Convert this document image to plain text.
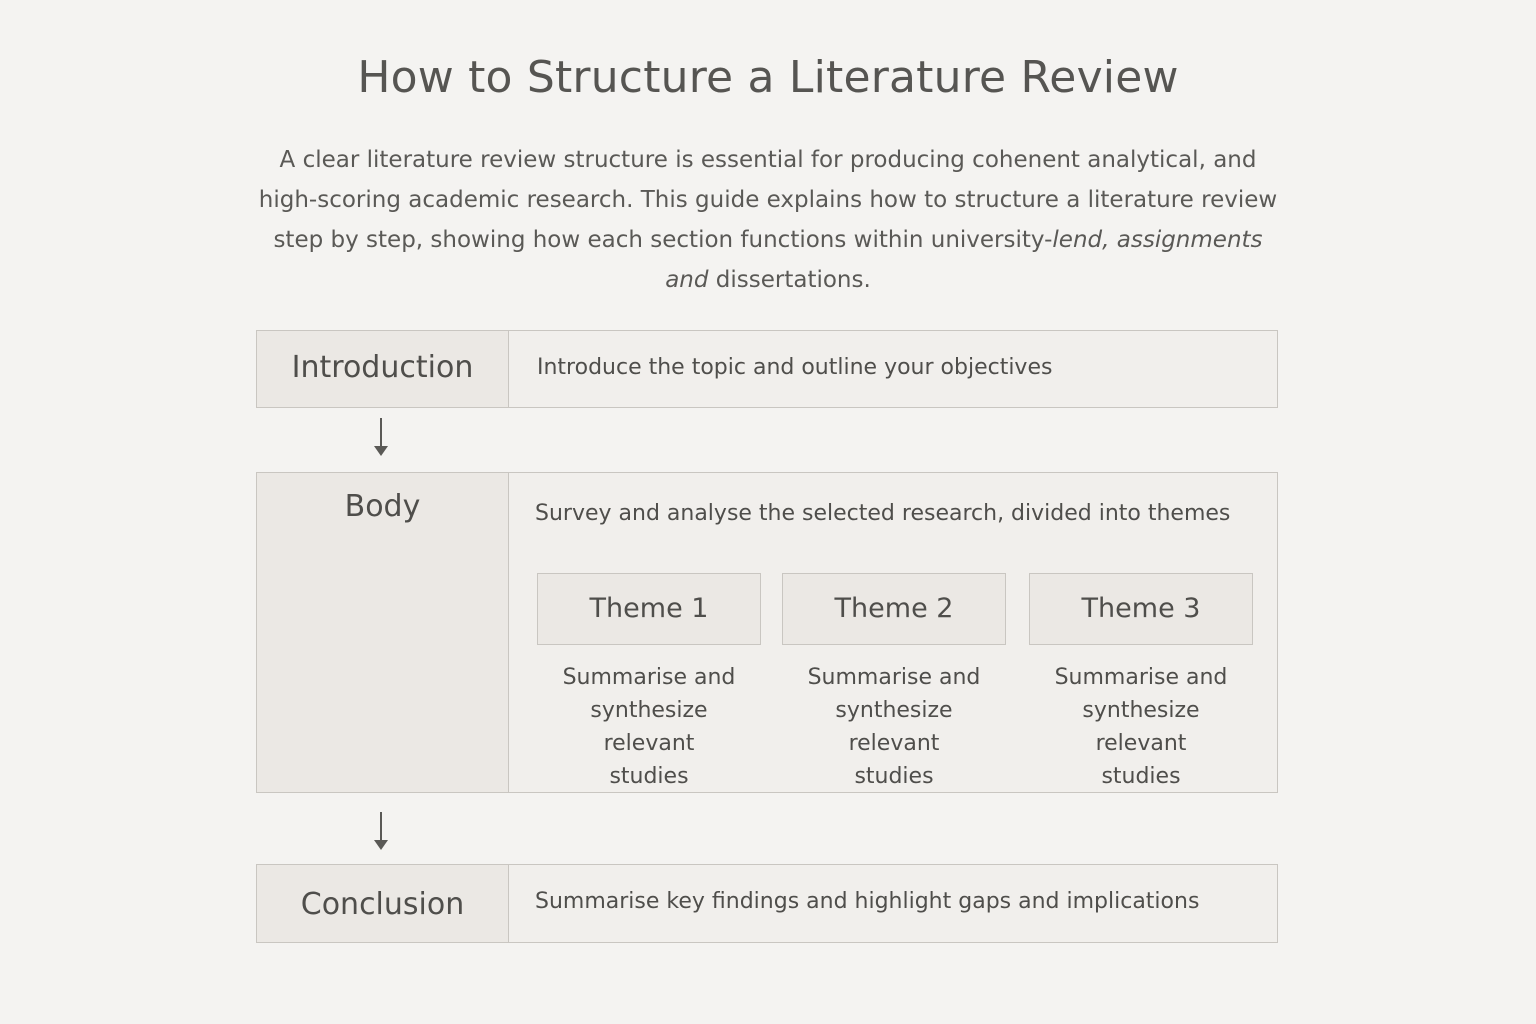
How to Structure a Literature Review
A clear literature review structure is essential for producing cohenent analytical, and
high-scoring academic research. This guide explains how to structure a literature review
step by step, showing how each section functions within university-lend, assignments
and dissertations.
Introduction	Introduce the topic and outline your objectives
Body	Survey and analyse the selected research, divided into themes
Theme 1
Summarise and
synthesize relevant
studies
Theme 2
Summarise and
synthesize relevant
studies
Theme 3
Summarise and
synthesize relevant
studies
Conclusion	Summarise key findings and highlight gaps and implications
